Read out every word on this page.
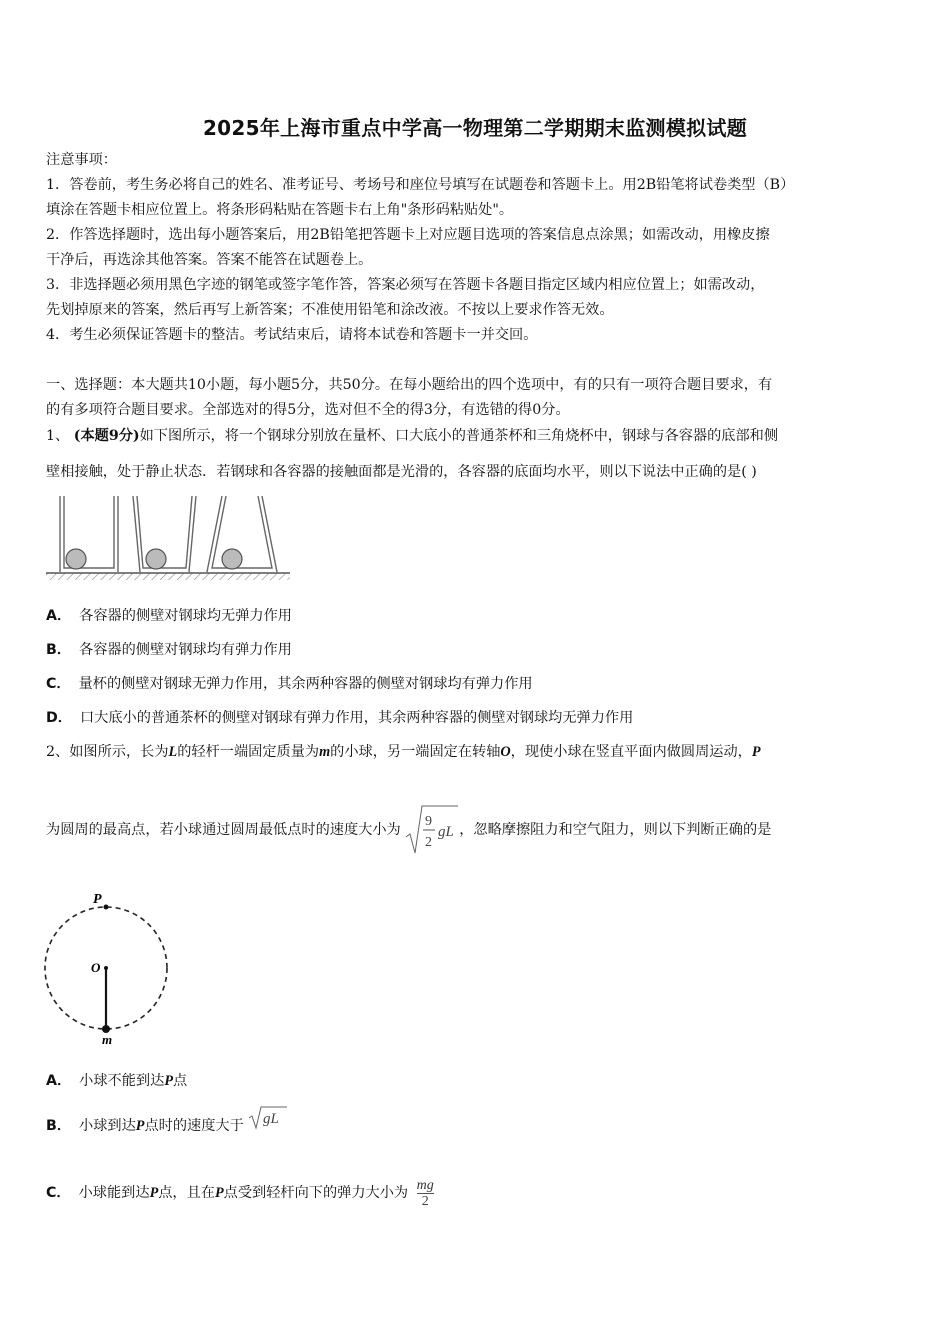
2025年上海市重点中学高一物理第二学期期末监测模拟试题
注意事项：
1．答卷前，考生务必将自己的姓名、准考证号、考场号和座位号填写在试题卷和答题卡上。用2B铅笔将试卷类型（B）
填涂在答题卡相应位置上。将条形码粘贴在答题卡右上角"条形码粘贴处"。
2．作答选择题时，选出每小题答案后，用2B铅笔把答题卡上对应题目选项的答案信息点涂黑；如需改动，用橡皮擦
干净后，再选涂其他答案。答案不能答在试题卷上。
3．非选择题必须用黑色字迹的钢笔或签字笔作答，答案必须写在答题卡各题目指定区域内相应位置上；如需改动，
先划掉原来的答案，然后再写上新答案；不准使用铅笔和涂改液。不按以上要求作答无效。
4．考生必须保证答题卡的整洁。考试结束后，请将本试卷和答题卡一并交回。
一、选择题：本大题共10小题，每小题5分，共50分。在每小题给出的四个选项中，有的只有一项符合题目要求，有
的有多项符合题目要求。全部选对的得5分，选对但不全的得3分，有选错的得0分。
1、 (本题9分)如下图所示，将一个钢球分别放在量杯、口大底小的普通茶杯和三角烧杯中，钢球与各容器的底部和侧
壁相接触，处于静止状态．若钢球和各容器的接触面都是光滑的，各容器的底面均水平，则以下说法中正确的是( )
A． 各容器的侧壁对钢球均无弹力作用
B． 各容器的侧壁对钢球均有弹力作用
C． 量杯的侧壁对钢球无弹力作用，其余两种容器的侧壁对钢球均有弹力作用
D． 口大底小的普通茶杯的侧壁对钢球有弹力作用，其余两种容器的侧壁对钢球均无弹力作用
2、如图所示，长为L的轻杆一端固定质量为m的小球，另一端固定在转轴O，现使小球在竖直平面内做圆周运动，P
为圆周的最高点，若小球通过圆周最低点时的速度大小为
9
2
gL ，忽略摩擦阻力和空气阻力，则以下判断正确的是
P
O
m
A． 小球不能到达P点
B． 小球到达P点时的速度大于 gL
C． 小球能到达P点，且在P点受到轻杆向下的弹力大小为 $\frac{mg}{2}$
